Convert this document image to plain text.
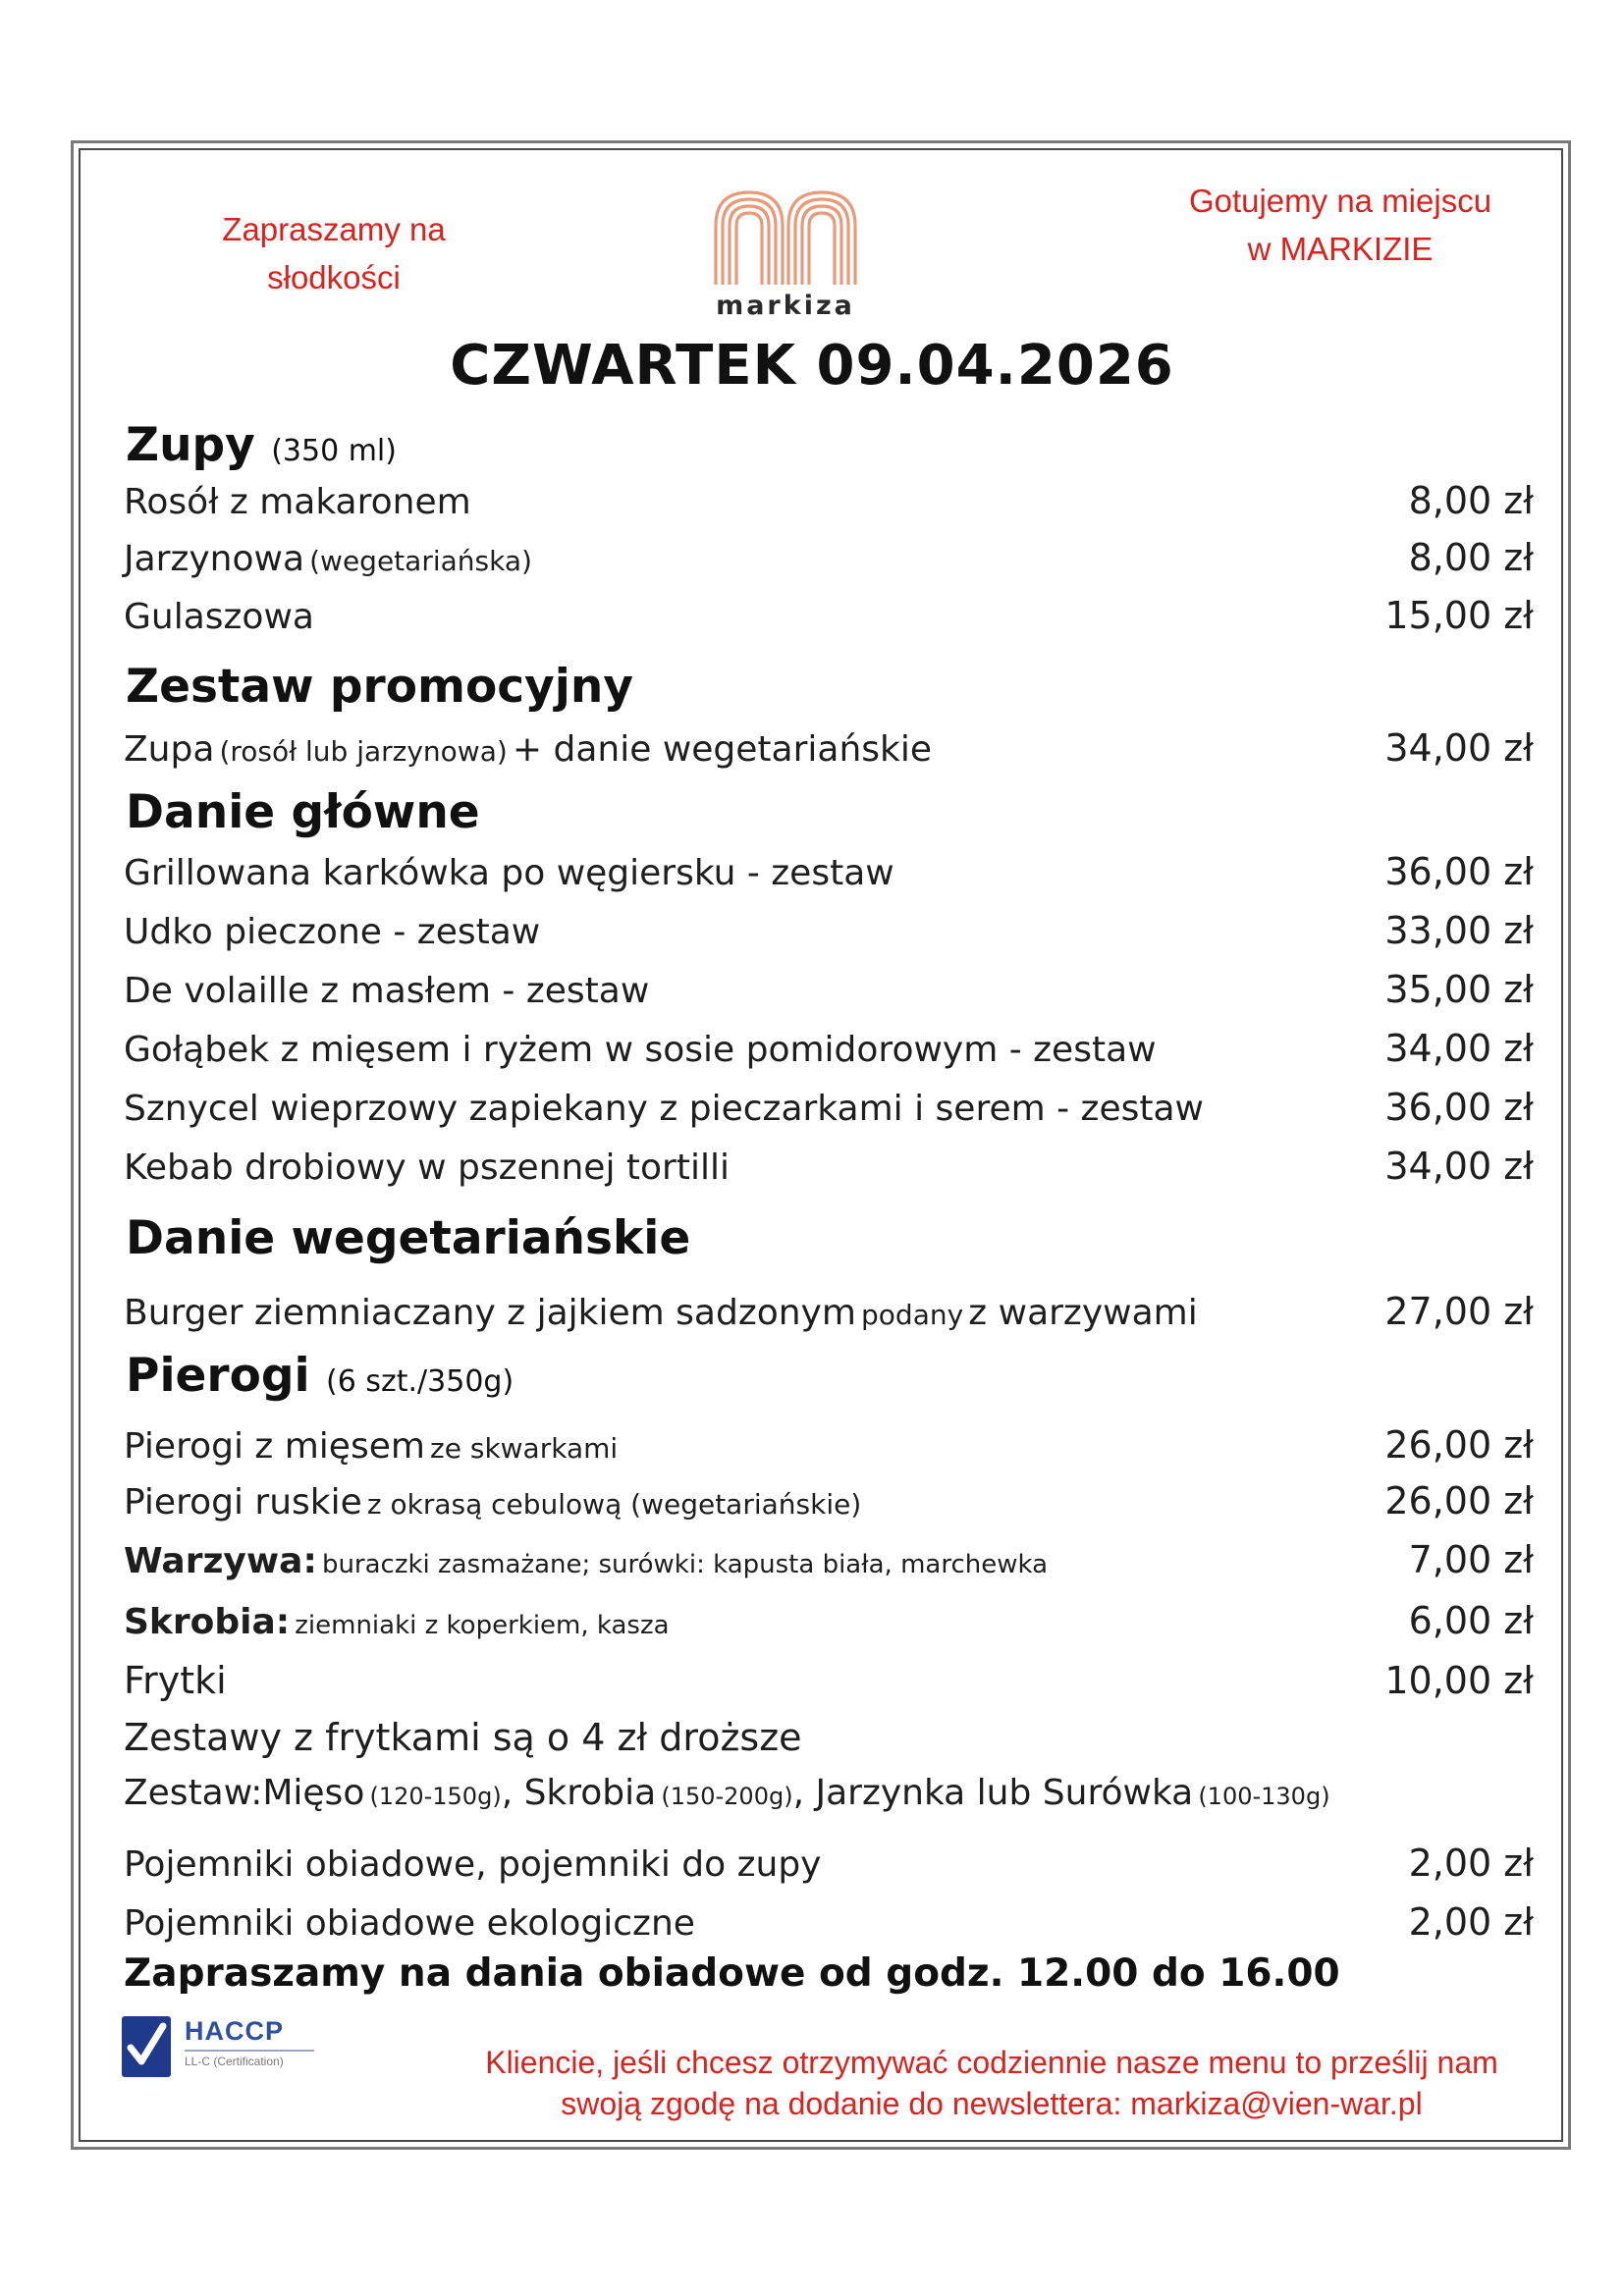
Zapraszamy na
słodkości
markiza
Gotujemy na miejscu
w MARKIZIE
CZWARTEK 09.04.2026
Zupy (350 ml)
Rosół z makaronem	8,00 zł
Jarzynowa
(wegetariańska)	8,00 zł
Gulaszowa	15,00 zł
Zestaw promocyjny
Zupa
(rosół lub jarzynowa)
+ danie wegetariańskie	34,00 zł
Danie główne
Grillowana karkówka po węgiersku - zestaw	36,00 zł
Udko pieczone - zestaw	33,00 zł
De volaille z masłem - zestaw	35,00 zł
Gołąbek z mięsem i ryżem w sosie pomidorowym - zestaw	34,00 zł
Sznycel wieprzowy zapiekany z pieczarkami i serem - zestaw	36,00 zł
Kebab drobiowy w pszennej tortilli	34,00 zł
Danie wegetariańskie
Burger ziemniaczany z jajkiem sadzonym
podany
z warzywami	27,00 zł
Pierogi (6 szt./350g)
Pierogi z mięsem
ze skwarkami	26,00 zł
Pierogi ruskie
z okrasą cebulową (wegetariańskie)	26,00 zł
Warzywa:
buraczki zasmażane; surówki: kapusta biała, marchewka	7,00 zł
Skrobia:
ziemniaki z koperkiem, kasza	6,00 zł
Frytki	10,00 zł
Zestawy z frytkami są o 4 zł droższe
Zestaw:Mięso
(120-150g) , Skrobia
(150-200g) , Jarzynka lub Surówka
(100-130g)
Pojemniki obiadowe, pojemniki do zupy	2,00 zł
Pojemniki obiadowe ekologiczne	2,00 zł
Zapraszamy na dania obiadowe od godz. 12.00 do 16.00
HACCP
LL-C (Certification)	Kliencie, jeśli chcesz otrzymywać codziennie nasze menu to prześlij nam
swoją zgodę na dodanie do newslettera: markiza@vien-war.pl
